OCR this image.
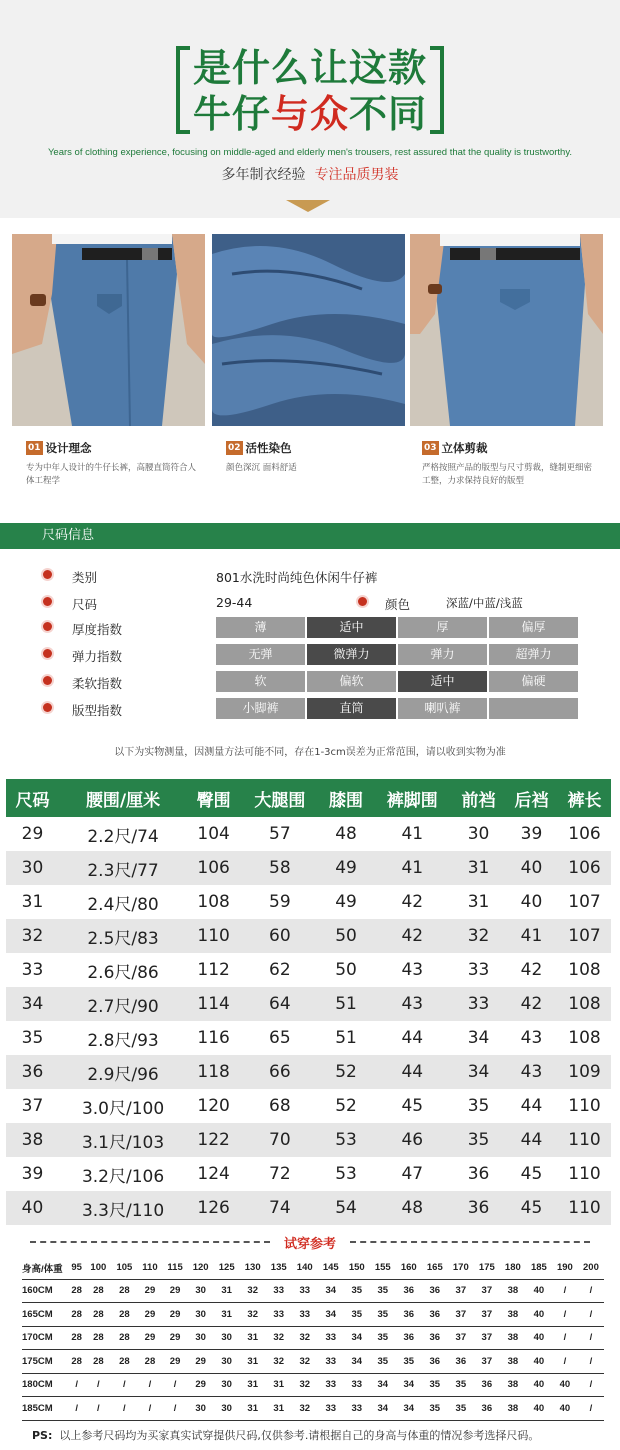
是什么让这款
牛仔与众不同
Years of clothing experience, focusing on middle-aged and elderly men's trousers, rest assured that the quality is trustworthy.
多年制衣经验 专注品质男装
01 设计理念
专为中年人设计的牛仔长裤，高腰直筒符合人体工程学
02 活性染色
颜色深沉 面料舒适
03 立体剪裁
严格按照产品的版型与尺寸剪裁，缝制更细密工整，力求保持良好的版型
尺码信息
类别	801水洗时尚纯色休闲牛仔裤
尺码	29-44	颜色	深蓝/中蓝/浅蓝
厚度指数	薄	适中	厚	偏厚
弹力指数	无弹	微弹力	弹力	超弹力
柔软指数	软	偏软	适中	偏硬
版型指数	小脚裤	直筒	喇叭裤
以下为实物测量，因测量方法可能不同，存在1-3cm误差为正常范围，请以收到实物为准
尺码	腰围/厘米	臀围	大腿围	膝围	裤脚围	前裆	后裆	裤长
29	2.2尺/74	104	57	48	41	30	39	106
30	2.3尺/77	106	58	49	41	31	40	106
31	2.4尺/80	108	59	49	42	31	40	107
32	2.5尺/83	110	60	50	42	32	41	107
33	2.6尺/86	112	62	50	43	33	42	108
34	2.7尺/90	114	64	51	43	33	42	108
35	2.8尺/93	116	65	51	44	34	43	108
36	2.9尺/96	118	66	52	44	34	43	109
37	3.0尺/100	120	68	52	45	35	44	110
38	3.1尺/103	122	70	53	46	35	44	110
39	3.2尺/106	124	72	53	47	36	45	110
40	3.3尺/110	126	74	54	48	36	45	110
试穿参考
身高/体重	95	100	105	110	115	120	125	130	135	140	145	150	155	160	165	170	175	180	185	190	200
160CM	28	28	28	29	29	30	31	32	33	33	34	35	35	36	36	37	37	38	40	/	/
165CM	28	28	28	29	29	30	31	32	33	33	34	35	35	36	36	37	37	38	40	/	/
170CM	28	28	28	29	29	30	30	31	32	32	33	34	35	36	36	37	37	38	40	/	/
175CM	28	28	28	28	29	29	30	31	32	32	33	34	35	35	36	36	37	38	40	/	/
180CM	/	/	/	/	/	29	30	31	31	32	33	33	34	34	35	35	36	38	40	40	/
185CM	/	/	/	/	/	30	30	31	31	32	33	33	34	34	35	35	36	38	40	40	/
PS: 以上参考尺码均为买家真实试穿提供尺码,仅供参考.请根据自己的身高与体重的情况参考选择尺码。
